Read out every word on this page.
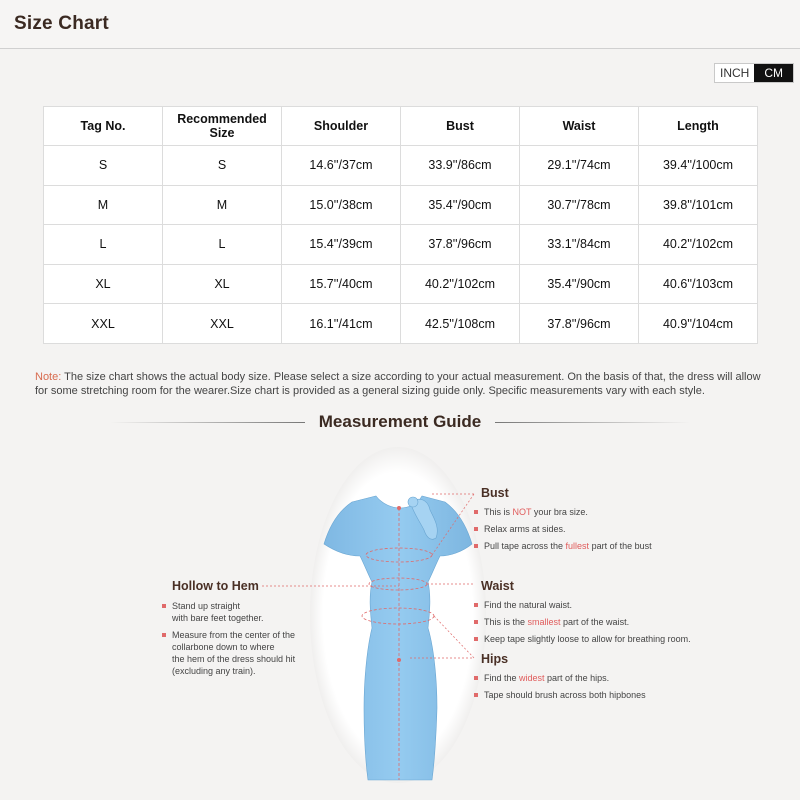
Size Chart
INCH	CM
Tag No.	Recommended Size	Shoulder	Bust	Waist	Length
S	S	14.6''/37cm	33.9''/86cm	29.1''/74cm	39.4''/100cm
M	M	15.0''/38cm	35.4''/90cm	30.7''/78cm	39.8''/101cm
L	L	15.4''/39cm	37.8''/96cm	33.1''/84cm	40.2''/102cm
XL	XL	15.7''/40cm	40.2''/102cm	35.4''/90cm	40.6''/103cm
XXL	XXL	16.1''/41cm	42.5''/108cm	37.8''/96cm	40.9''/104cm
Note: The size chart shows the actual body size. Please select a size according to your actual measurement. On the basis of that, the dress will allow for some stretching room for the wearer.Size chart is provided as a general sizing guide only. Specific measurements vary with each style.
Measurement Guide
Bust
This is NOT your bra size.
Relax arms at sides.
Pull tape across the fullest part of the bust
Waist
Find the natural waist.
This is the smallest part of the waist.
Keep tape slightly loose to allow for breathing room.
Hips
Find the widest part of the hips.
Tape should brush across both hipbones
Hollow to Hem
Stand up straight
with bare feet together.
Measure from the center of the
collarbone down to where
the hem of the dress should hit
(excluding any train).
